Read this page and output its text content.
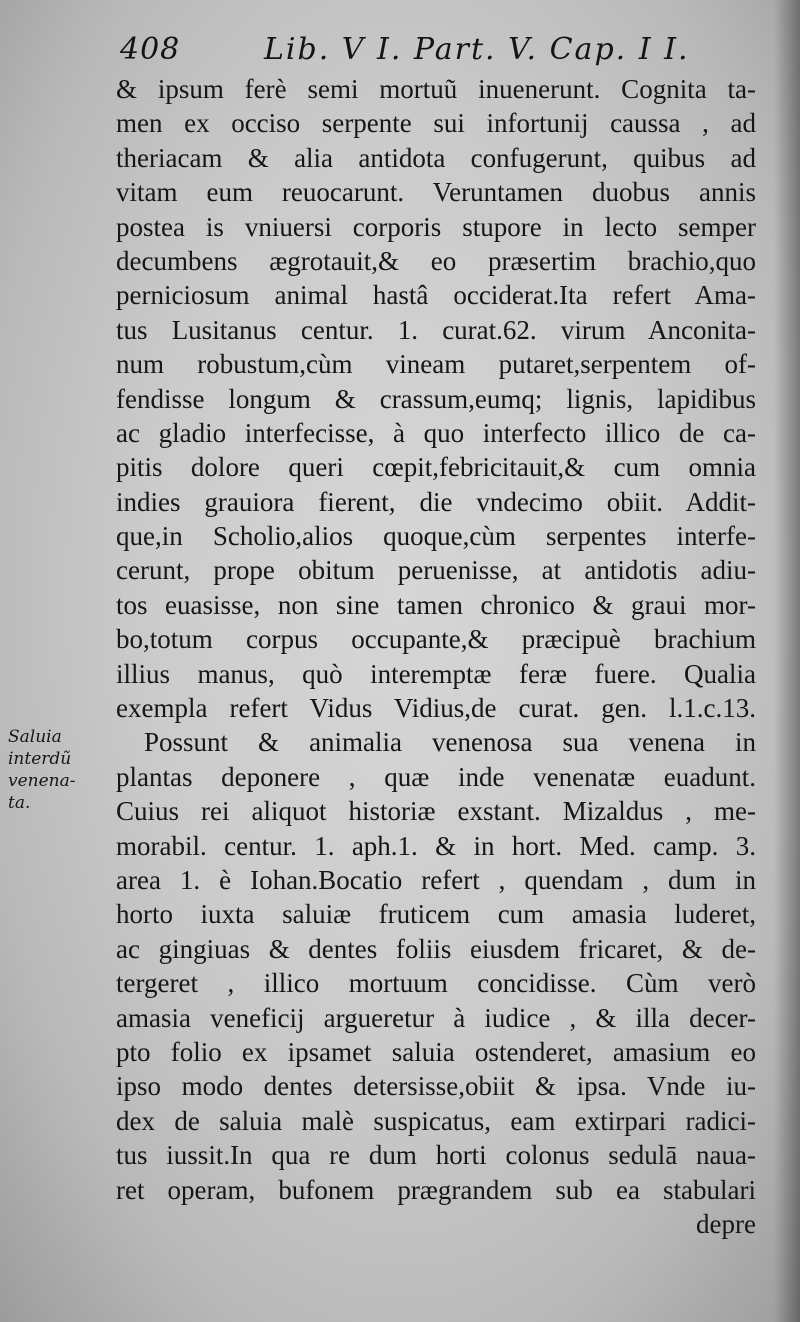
408	Lib. V I. Part. V. Cap. I I.
Saluia
interdũ
venena-
ta.
& ipsum ferè semi mortuũ inuenerunt. Cognita ta-
men ex occiso serpente sui infortunij caussa , ad
theriacam & alia antidota confugerunt, quibus ad
vitam eum reuocarunt. Veruntamen duobus annis
postea is vniuersi corporis stupore in lecto semper
decumbens ægrotauit,& eo præsertim brachio,quo
perniciosum animal hastâ occiderat.Ita refert Ama-
tus Lusitanus centur. 1. curat.62. virum Anconita-
num robustum,cùm vineam putaret,serpentem of-
fendisse longum & crassum,eumq; lignis, lapidibus
ac gladio interfecisse, à quo interfecto illico de ca-
pitis dolore queri cœpit,febricitauit,& cum omnia
indies grauiora fierent, die vndecimo obiit. Addit-
que,in Scholio,alios quoque,cùm serpentes interfe-
cerunt, prope obitum peruenisse, at antidotis adiu-
tos euasisse, non sine tamen chronico & graui mor-
bo,totum corpus occupante,& præcipuè brachium
illius manus, quò interemptæ feræ fuere. Qualia
exempla refert Vidus Vidius,de curat. gen. l.1.c.13.
Possunt & animalia venenosa sua venena in
plantas deponere , quæ inde venenatæ euadunt.
Cuius rei aliquot historiæ exstant. Mizaldus , me-
morabil. centur. 1. aph.1. & in hort. Med. camp. 3.
area 1. è Iohan.Bocatio refert , quendam , dum in
horto iuxta saluiæ fruticem cum amasia luderet,
ac gingiuas & dentes foliis eiusdem fricaret, & de-
tergeret , illico mortuum concidisse. Cùm verò
amasia veneficij argueretur à iudice , & illa decer-
pto folio ex ipsamet saluia ostenderet, amasium eo
ipso modo dentes detersisse,obiit & ipsa. Vnde iu-
dex de saluia malè suspicatus, eam extirpari radici-
tus iussit.In qua re dum horti colonus sedulā naua-
ret operam, bufonem prægrandem sub ea stabulari
depre
